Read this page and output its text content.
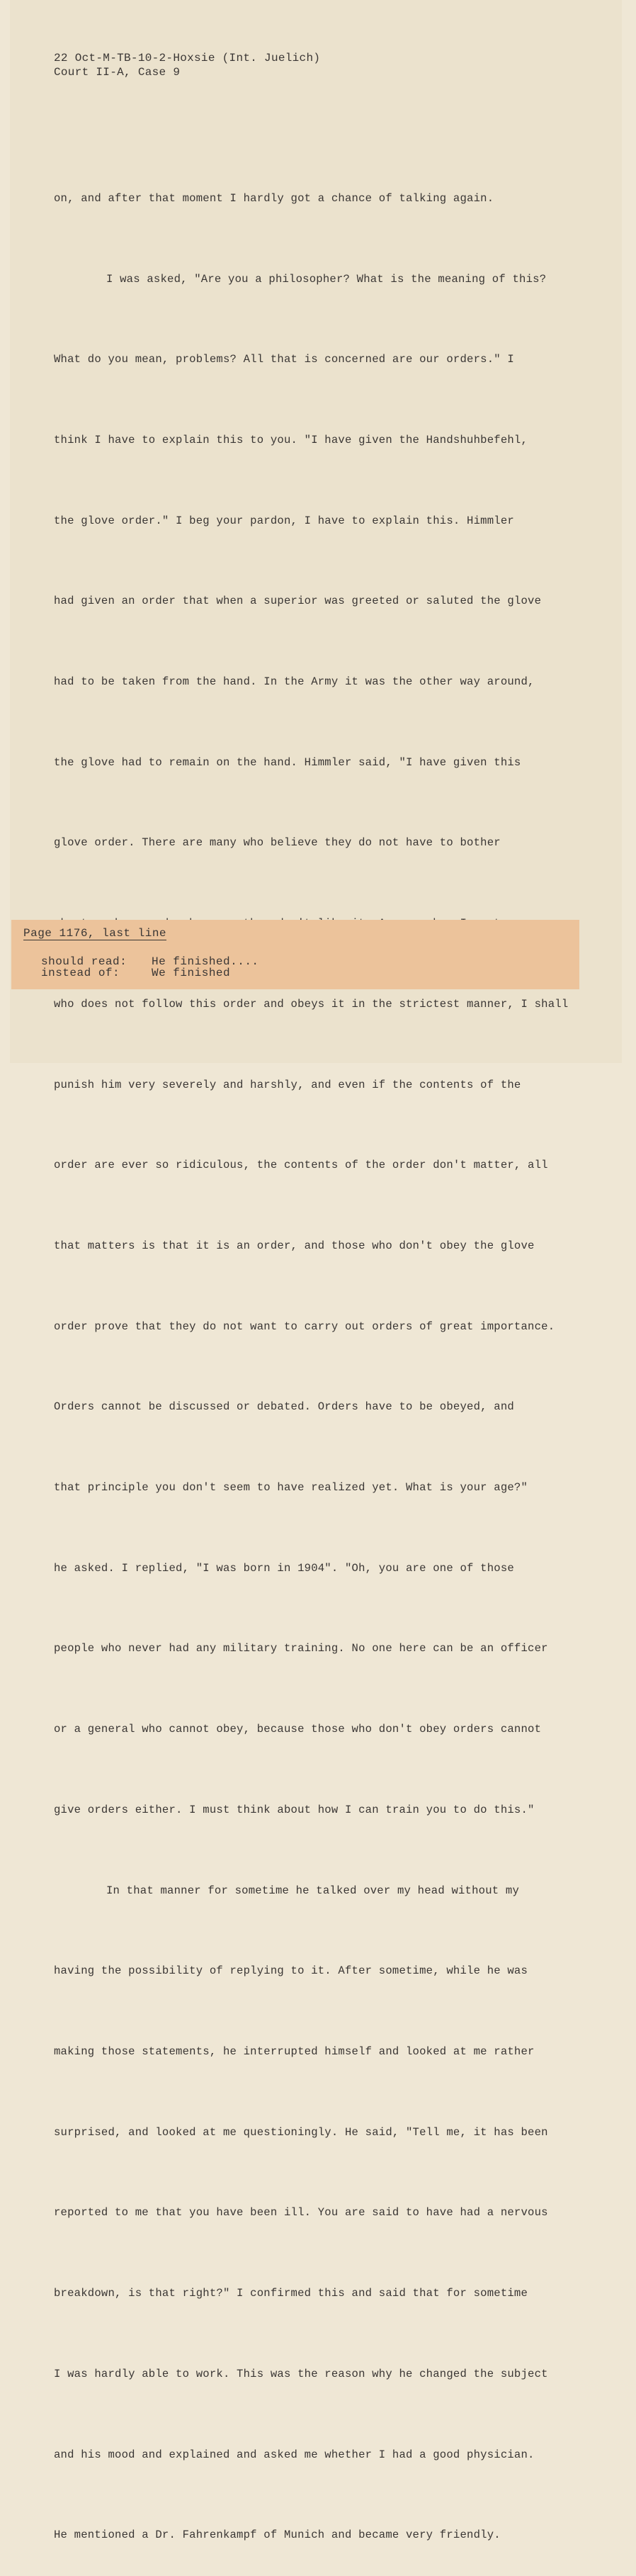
22 Oct-M-TB-10-2-Hoxsie (Int. Juelich)
Court II-A, Case 9

on, and after that moment I hardly got a chance of talking again.

I was asked, "Are you a philosopher? What is the meaning of this?

What do you mean, problems? All that is concerned are our orders." I

think I have to explain this to you. "I have given the Handshuhbefehl,

the glove order." I beg your pardon, I have to explain this. Himmler

had given an order that when a superior was greeted or saluted the glove

had to be taken from the hand. In the Army it was the other way around,

the glove had to remain on the hand. Himmler said, "I have given this

glove order. There are many who believe they do not have to bother

who does not follow this order and obeys it in the strictest manner, I shall

punish him very severely and harshly, and even if the contents of the

order are ever so ridiculous, the contents of the order don't matter, all

that matters is that it is an order, and those who don't obey the glove

order prove that they do not want to carry out orders of great importance.

Orders cannot be discussed or debated. Orders have to be obeyed, and

that principle you don't seem to have realized yet. What is your age?"

he asked. I replied, "I was born in 1904". "Oh, you are one of those

people who never had any military training. No one here can be an officer

or a general who cannot obey, because those who don't obey orders cannot

give orders either. I must think about how I can train you to do this."

In that manner for sometime he talked over my head without my

having the possibility of replying to it. After sometime, while he was

making those statements, he interrupted himself and looked at me rather

surprised, and looked at me questioningly. He said, "Tell me, it has been

reported to me that you have been ill. You are said to have had a nervous

breakdown, is that right?" I confirmed this and said that for sometime

I was hardly able to work. This was the reason why he changed the subject

and his mood and explained and asked me whether I had a good physician.

He mentioned a Dr. Fahrenkampf of Munich and became very friendly.

Page 1176, last line
should read: He finished....
instead of:	We finished
